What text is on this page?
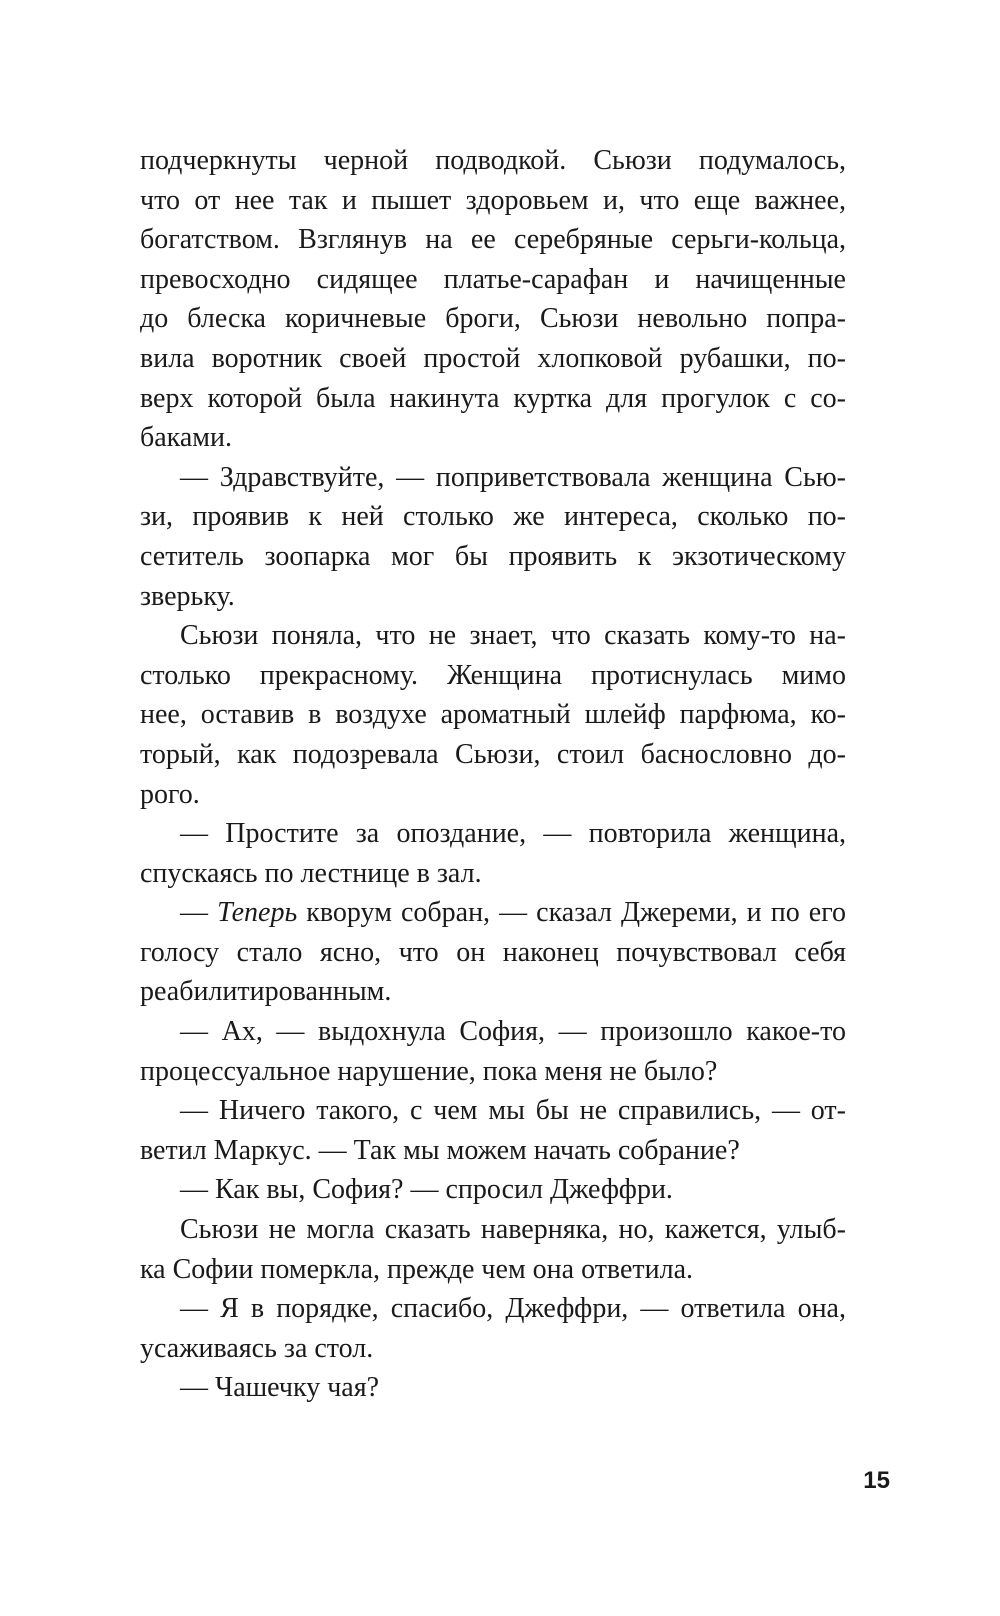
подчеркнуты черной подводкой. Сьюзи подумалось,
что от нее так и пышет здоровьем и, что еще важнее,
богатством. Взглянув на ее серебряные серьги-кольца,
превосходно сидящее платье-сарафан и начищенные
до блеска коричневые броги, Сьюзи невольно попра-
вила воротник своей простой хлопковой рубашки, по-
верх которой была накинута куртка для прогулок с со-
баками.
— Здравствуйте, — поприветствовала женщина Сью-
зи, проявив к ней столько же интереса, сколько по-
сетитель зоопарка мог бы проявить к экзотическому
зверьку.
Сьюзи поняла, что не знает, что сказать кому-то на-
столько прекрасному. Женщина протиснулась мимо
нее, оставив в воздухе ароматный шлейф парфюма, ко-
торый, как подозревала Сьюзи, стоил баснословно до-
рого.
— Простите за опоздание, — повторила женщина,
спускаясь по лестнице в зал.
— Теперь кворум собран, — сказал Джереми, и по его
голосу стало ясно, что он наконец почувствовал себя
реабилитированным.
— Ах, — выдохнула София, — произошло какое-то
процессуальное нарушение, пока меня не было?
— Ничего такого, с чем мы бы не справились, — от-
ветил Маркус. — Так мы можем начать собрание?
— Как вы, София? — спросил Джеффри.
Сьюзи не могла сказать наверняка, но, кажется, улыб-
ка Софии померкла, прежде чем она ответила.
— Я в порядке, спасибо, Джеффри, — ответила она,
усаживаясь за стол.
— Чашечку чая?
15
